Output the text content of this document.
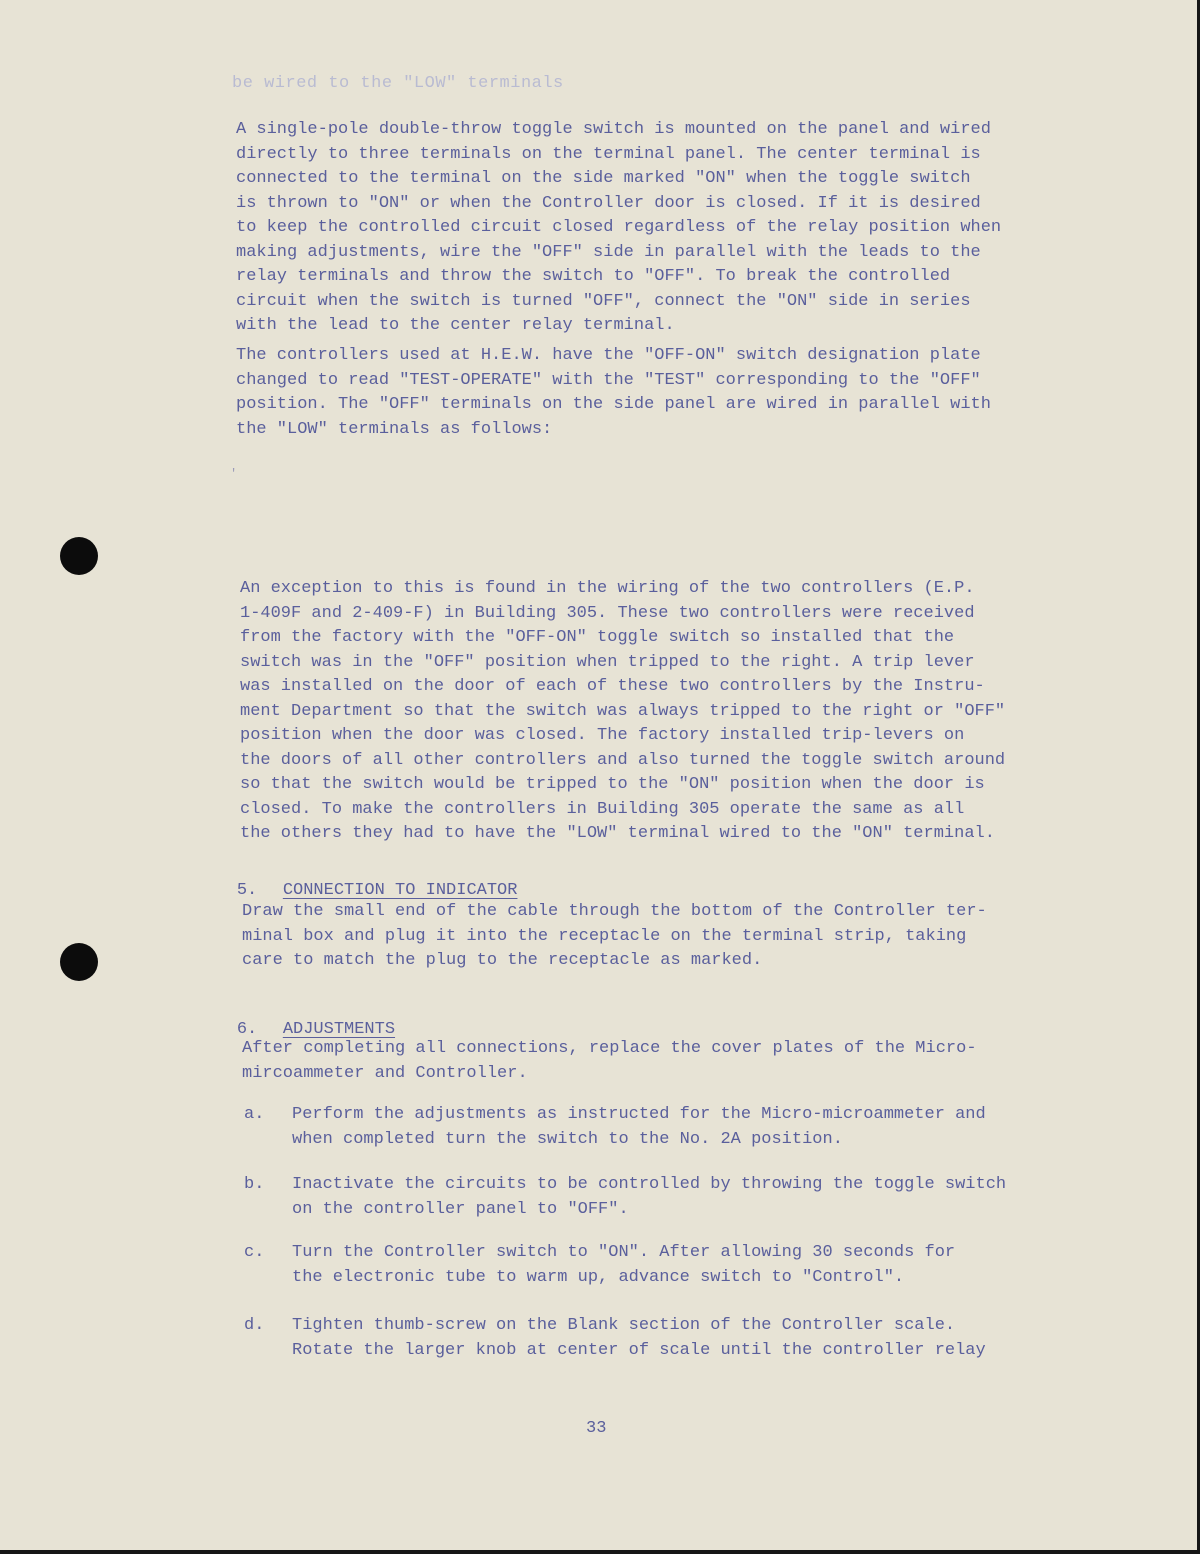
be wired to the "LOW" terminals

A single-pole double-throw toggle switch is mounted on the panel and wired
directly to three terminals on the terminal panel. The center terminal is
connected to the terminal on the side marked "ON" when the toggle switch
is thrown to "ON" or when the Controller door is closed. If it is desired
to keep the controlled circuit closed regardless of the relay position when
making adjustments, wire the "OFF" side in parallel with the leads to the
relay terminals and throw the switch to "OFF". To break the controlled
circuit when the switch is turned "OFF", connect the "ON" side in series
with the lead to the center relay terminal.

The controllers used at H.E.W. have the "OFF-ON" switch designation plate
changed to read "TEST-OPERATE" with the "TEST" corresponding to the "OFF"
position. The "OFF" terminals on the side panel are wired in parallel with
the "LOW" terminals as follows:

'

An exception to this is found in the wiring of the two controllers (E.P.
1-409F and 2-409-F) in Building 305. These two controllers were received
from the factory with the "OFF-ON" toggle switch so installed that the
switch was in the "OFF" position when tripped to the right. A trip lever
was installed on the door of each of these two controllers by the Instru-
ment Department so that the switch was always tripped to the right or "OFF"
position when the door was closed. The factory installed trip-levers on
the doors of all other controllers and also turned the toggle switch around
so that the switch would be tripped to the "ON" position when the door is
closed. To make the controllers in Building 305 operate the same as all
the others they had to have the "LOW" terminal wired to the "ON" terminal.

5. CONNECTION TO INDICATOR

Draw the small end of the cable through the bottom of the Controller ter-
minal box and plug it into the receptacle on the terminal strip, taking
care to match the plug to the receptacle as marked.

6. ADJUSTMENTS

After completing all connections, replace the cover plates of the Micro-
mircoammeter and Controller.

a. Perform the adjustments as instructed for the Micro-microammeter and
when completed turn the switch to the No. 2A position.
b. Inactivate the circuits to be controlled by throwing the toggle switch
on the controller panel to "OFF".
c. Turn the Controller switch to "ON". After allowing 30 seconds for
the electronic tube to warm up, advance switch to "Control".
d. Tighten thumb-screw on the Blank section of the Controller scale.
Rotate the larger knob at center of scale until the controller relay
33
